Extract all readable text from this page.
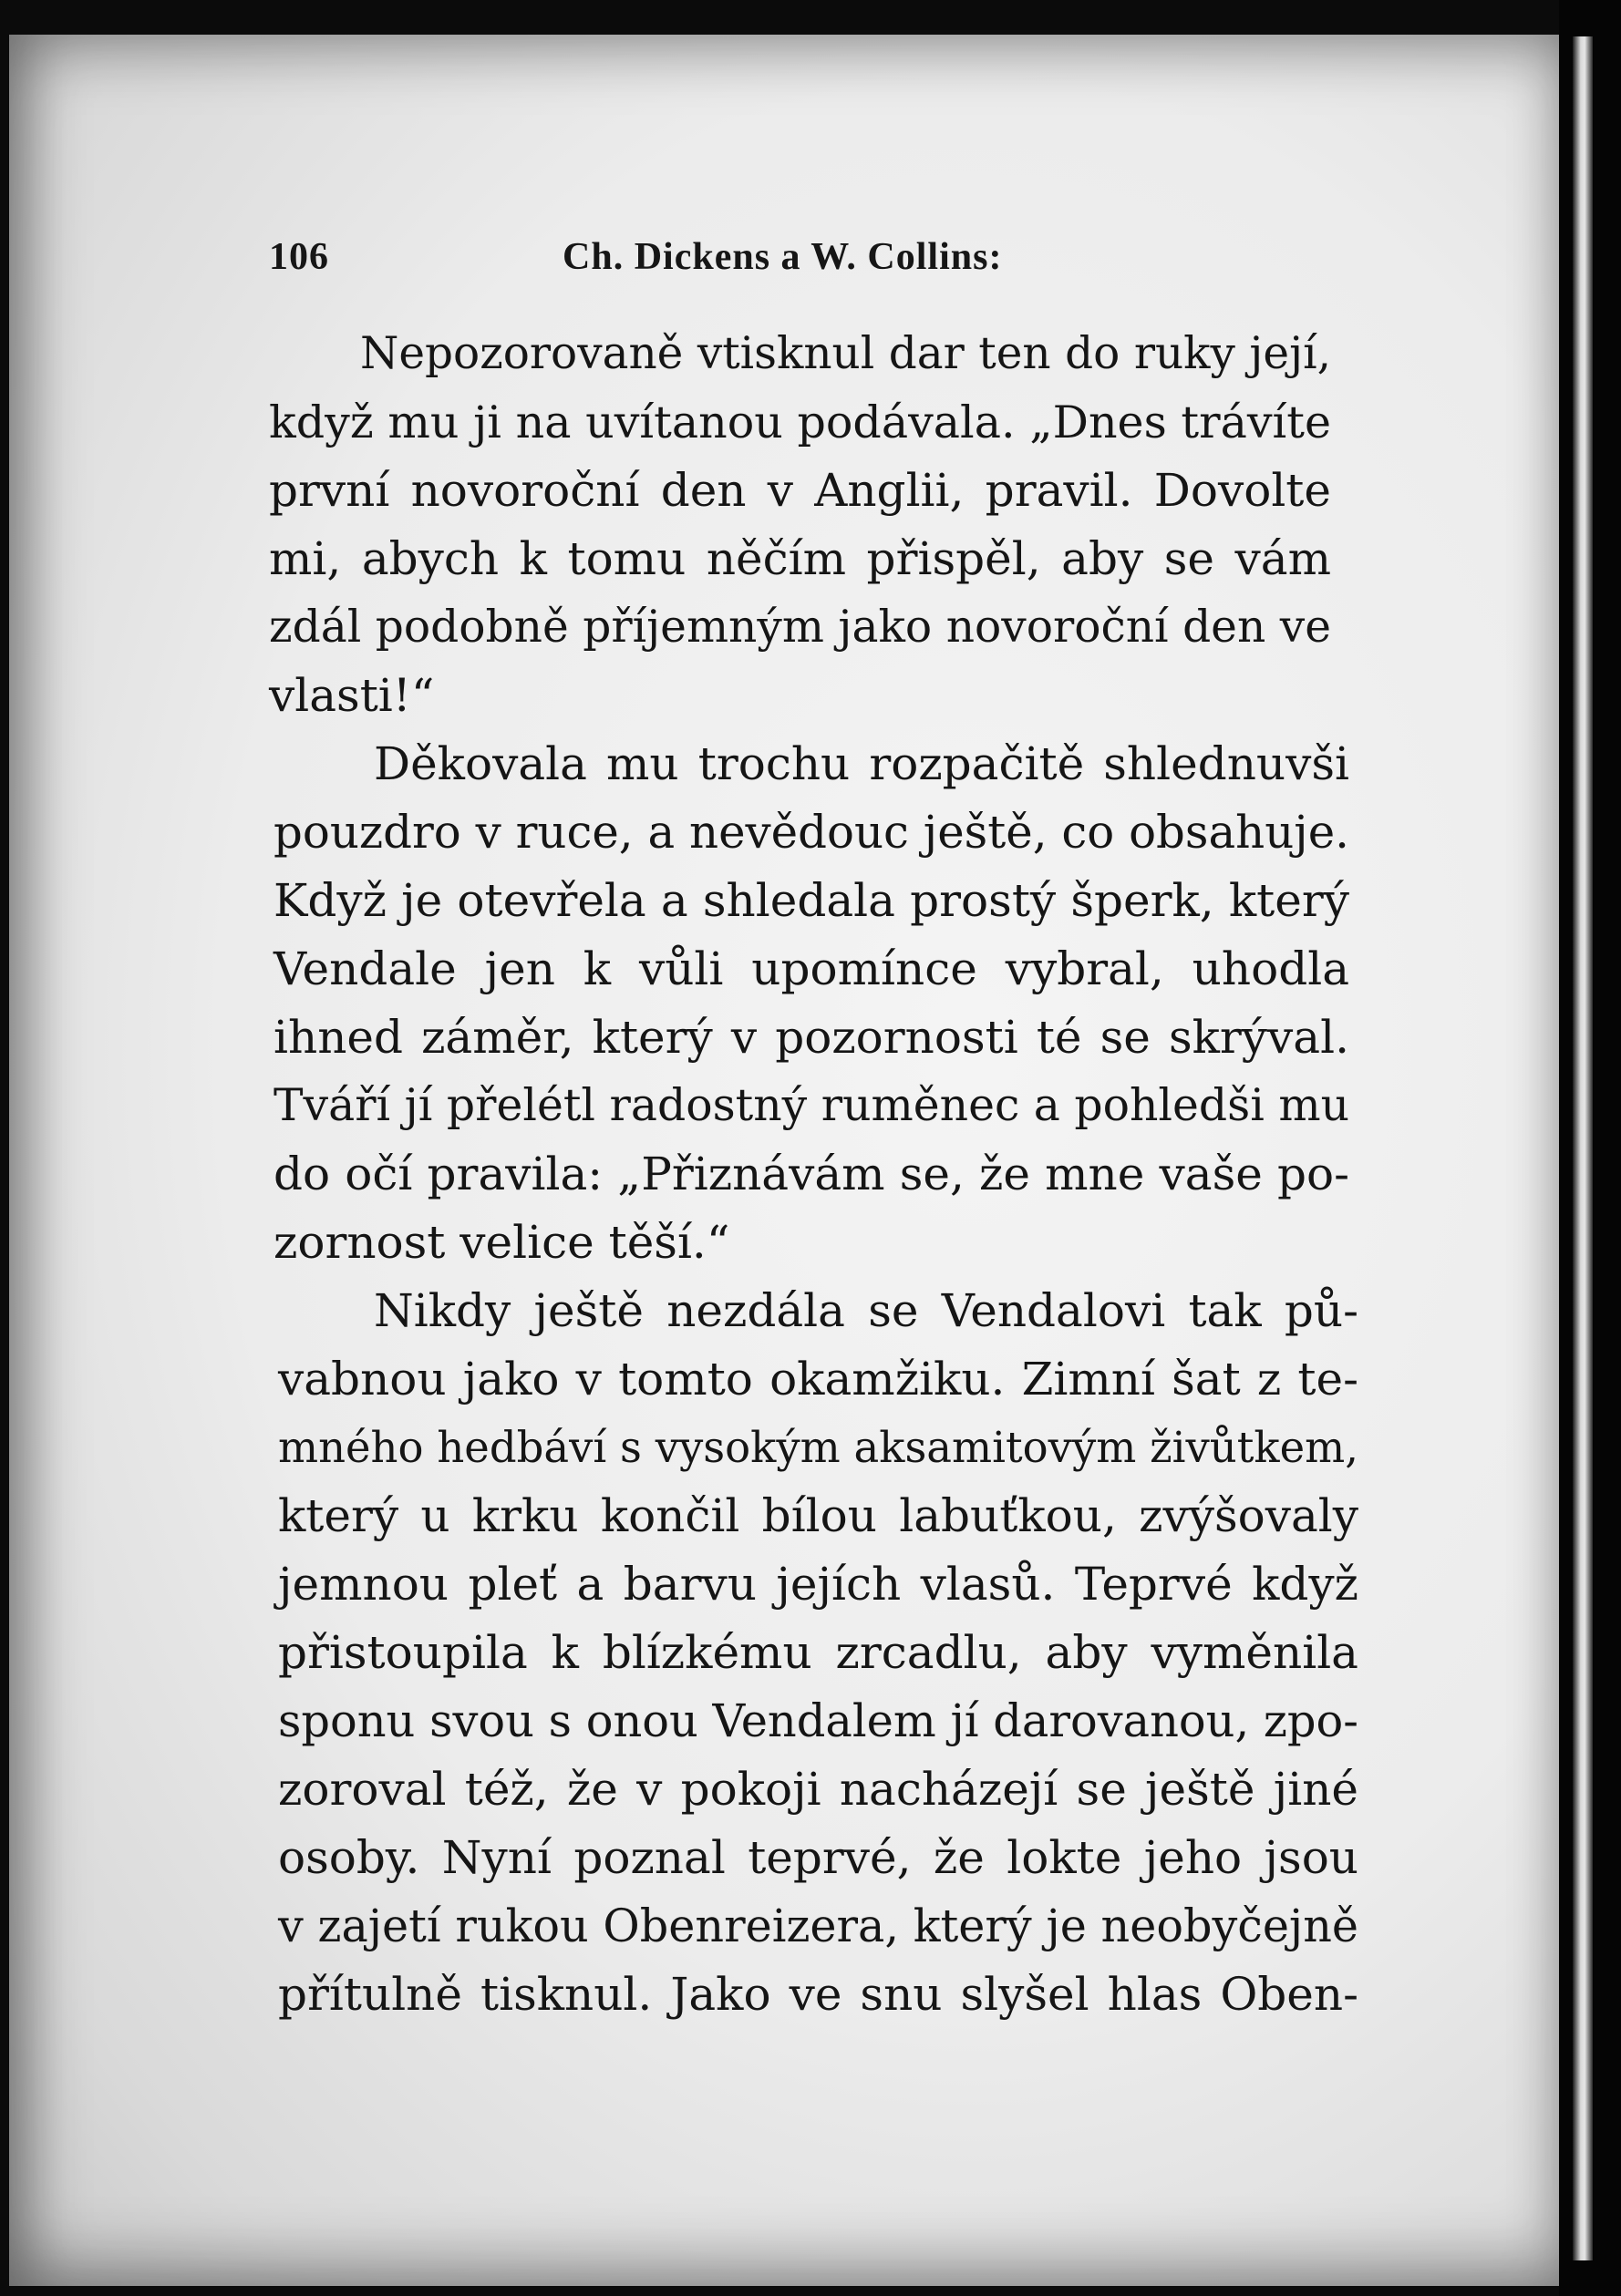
106	Ch. Dickens a W. Collins:
Nepozorovaně vtisknul dar ten do ruky její,
když mu ji na uvítanou podávala. „Dnes trávíte
první novoroční den v Anglii, pravil. Dovolte
mi, abych k tomu něčím přispěl, aby se vám
zdál podobně příjemným jako novoroční den ve
vlasti!“
Děkovala mu trochu rozpačitě shlednuvši
pouzdro v ruce, a nevědouc ještě, co obsahuje.
Když je otevřela a shledala prostý šperk, který
Vendale jen k vůli upomínce vybral, uhodla
ihned záměr, který v pozornosti té se skrýval.
Tváří jí přelétl radostný ruměnec a pohledši mu
do očí pravila: „Přiznávám se, že mne vaše po-
zornost velice těší.“
Nikdy ještě nezdála se Vendalovi tak pů-
vabnou jako v tomto okamžiku. Zimní šat z te-
mného hedbáví s vysokým aksamitovým živůtkem,
který u krku končil bílou labuťkou, zvýšovaly
jemnou pleť a barvu jejích vlasů. Teprvé když
přistoupila k blízkému zrcadlu, aby vyměnila
sponu svou s onou Vendalem jí darovanou, zpo-
zoroval též, že v pokoji nacházejí se ještě jiné
osoby. Nyní poznal teprvé, že lokte jeho jsou
v zajetí rukou Obenreizera, který je neobyčejně
přítulně tisknul. Jako ve snu slyšel hlas Oben-
